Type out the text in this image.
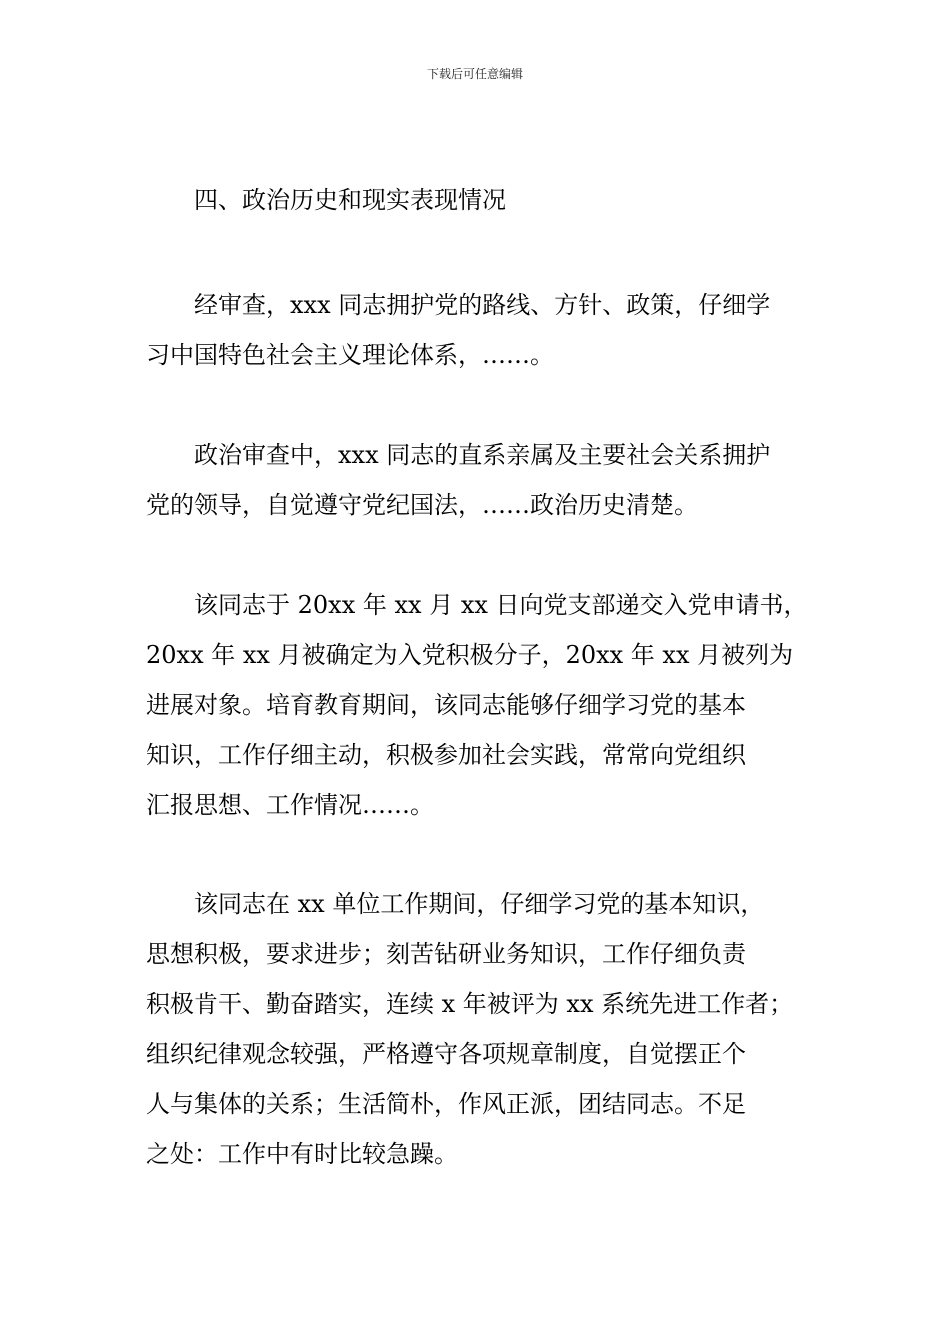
下载后可任意编辑
四、政治历史和现实表现情况

经审查，xxx 同志拥护党的路线、方针、政策，仔细学
习中国特色社会主义理论体系，……。

政治审查中，xxx 同志的直系亲属及主要社会关系拥护
党的领导，自觉遵守党纪国法，……政治历史清楚。

该同志于 20xx 年 xx 月 xx 日向党支部递交入党申请书，
20xx 年 xx 月被确定为入党积极分子，20xx 年 xx 月被列为
进展对象。培育教育期间，该同志能够仔细学习党的基本
知识，工作仔细主动，积极参加社会实践，常常向党组织
汇报思想、工作情况……。

该同志在 xx 单位工作期间，仔细学习党的基本知识，
思想积极，要求进步；刻苦钻研业务知识，工作仔细负责
积极肯干、勤奋踏实，连续 x 年被评为 xx 系统先进工作者；
组织纪律观念较强，严格遵守各项规章制度，自觉摆正个
人与集体的关系；生活简朴，作风正派，团结同志。不足
之处：工作中有时比较急躁。
